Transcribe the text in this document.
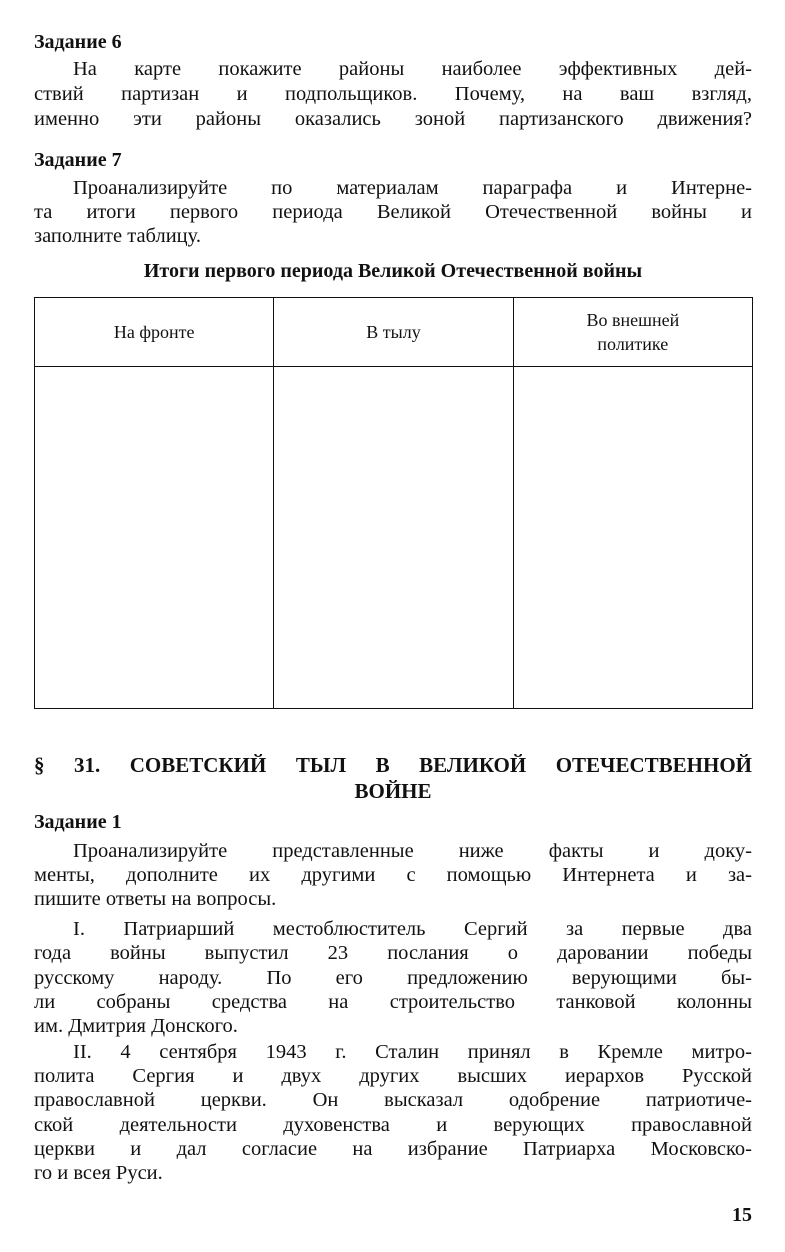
Задание 6
На карте покажите районы наиболее эффективных дей-
ствий партизан и подпольщиков. Почему, на ваш взгляд,
именно эти районы оказались зоной партизанского движения?
Задание 7
Проанализируйте по материалам параграфа и Интерне-
та итоги первого периода Великой Отечественной войны и
заполните таблицу.
Итоги первого периода Великой Отечественной войны
На фронте	В тылу	Во внешней
политике

§ 31. СОВЕТСКИЙ ТЫЛ В ВЕЛИКОЙ ОТЕЧЕСТВЕННОЙ
ВОЙНЕ
Задание 1
Проанализируйте представленные ниже факты и доку-
менты, дополните их другими с помощью Интернета и за-
пишите ответы на вопросы.
I. Патриарший местоблюститель Сергий за первые два
года войны выпустил 23 послания о даровании победы
русскому народу. По его предложению верующими бы-
ли собраны средства на строительство танковой колонны
им. Дмитрия Донского.
II. 4 сентября 1943 г. Сталин принял в Кремле митро-
полита Сергия и двух других высших иерархов Русской
православной церкви. Он высказал одобрение патриотиче-
ской деятельности духовенства и верующих православной
церкви и дал согласие на избрание Патриарха Московско-
го и всея Руси.
15
